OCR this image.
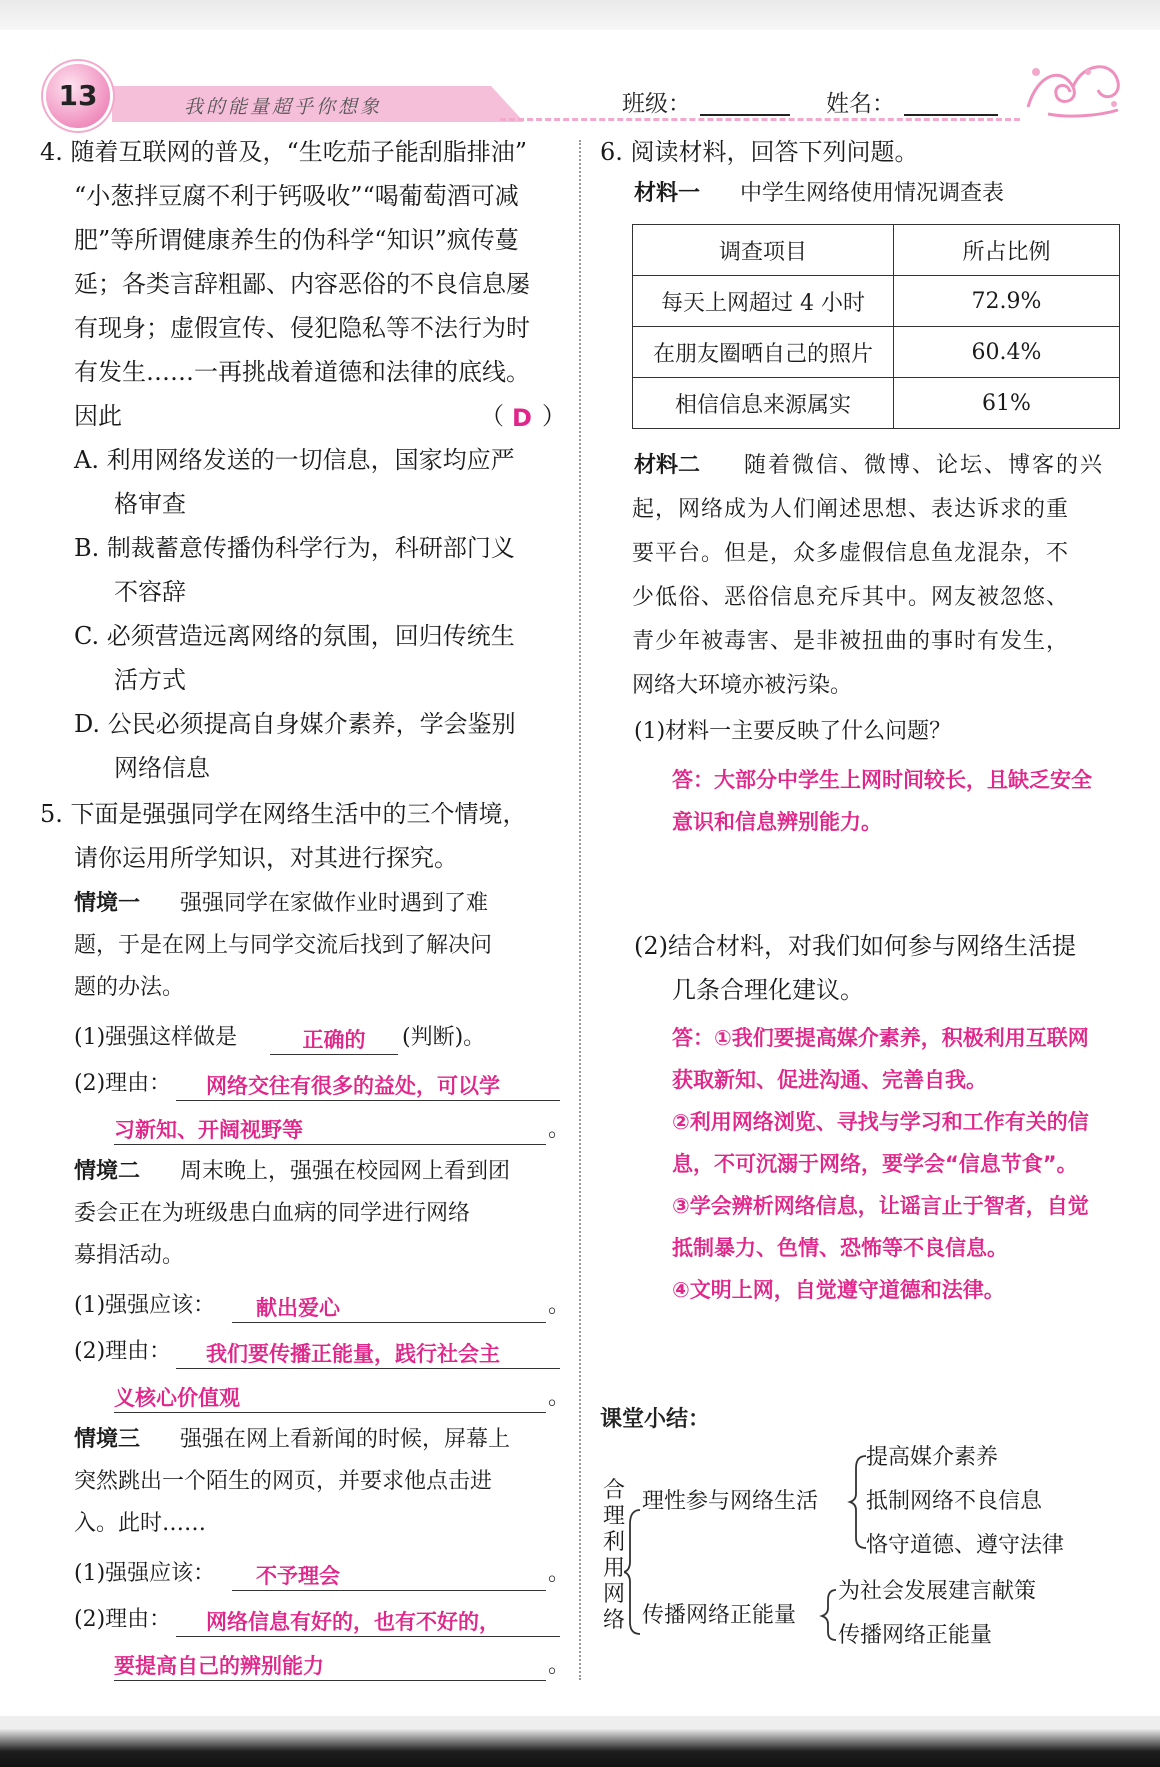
13	我的能量超乎你想象	班级：	姓名：
4. 随着互联网的普及，“生吃茄子能刮脂排油”
“小葱拌豆腐不利于钙吸收”“喝葡萄酒可减
肥”等所谓健康养生的伪科学“知识”疯传蔓
延；各类言辞粗鄙、内容恶俗的不良信息屡
有现身；虚假宣传、侵犯隐私等不法行为时
有发生……一再挑战着道德和法律的底线。
因此	（ D ）
A. 利用网络发送的一切信息，国家均应严
格审查
B. 制裁蓄意传播伪科学行为，科研部门义
不容辞
C. 必须营造远离网络的氛围，回归传统生
活方式
D. 公民必须提高自身媒介素养，学会鉴别
网络信息
5. 下面是强强同学在网络生活中的三个情境，
请你运用所学知识，对其进行探究。
情境一 强强同学在家做作业时遇到了难
题，于是在网上与同学交流后找到了解决问
题的办法。
(1)强强这样做是	正确的	(判断)。
(2)理由：	网络交往有很多的益处，可以学
习新知、开阔视野等	。
情境二 周末晚上，强强在校园网上看到团
委会正在为班级患白血病的同学进行网络
募捐活动。
(1)强强应该：	献出爱心	。
(2)理由：	我们要传播正能量，践行社会主
义核心价值观	。
情境三 强强在网上看新闻的时候，屏幕上
突然跳出一个陌生的网页，并要求他点击进
入。此时……
(1)强强应该：	不予理会	。
(2)理由：	网络信息有好的，也有不好的，
要提高自己的辨别能力	。
6. 阅读材料，回答下列问题。
材料一 中学生网络使用情况调查表
调查项目	所占比例
每天上网超过 4 小时	72.9%
在朋友圈晒自己的照片	60.4%
相信信息来源属实	61%
材料二 随着微信、微博、论坛、博客的兴
起，网络成为人们阐述思想、表达诉求的重
要平台。但是，众多虚假信息鱼龙混杂，不
少低俗、恶俗信息充斥其中。网友被忽悠、
青少年被毒害、是非被扭曲的事时有发生，
网络大环境亦被污染。
(1)材料一主要反映了什么问题？
答：大部分中学生上网时间较长，且缺乏安全
意识和信息辨别能力。
(2)结合材料，对我们如何参与网络生活提
几条合理化建议。
答：①我们要提高媒介素养，积极利用互联网
获取新知、促进沟通、完善自我。
②利用网络浏览、寻找与学习和工作有关的信
息，不可沉溺于网络，要学会“信息节食”。
③学会辨析网络信息，让谣言止于智者，自觉
抵制暴力、色情、恐怖等不良信息。
④文明上网，自觉遵守道德和法律。
课堂小结：
合
理
利
用
网
络
理性参与网络生活
提高媒介素养
抵制网络不良信息
恪守道德、遵守法律
传播网络正能量
为社会发展建言献策
传播网络正能量
